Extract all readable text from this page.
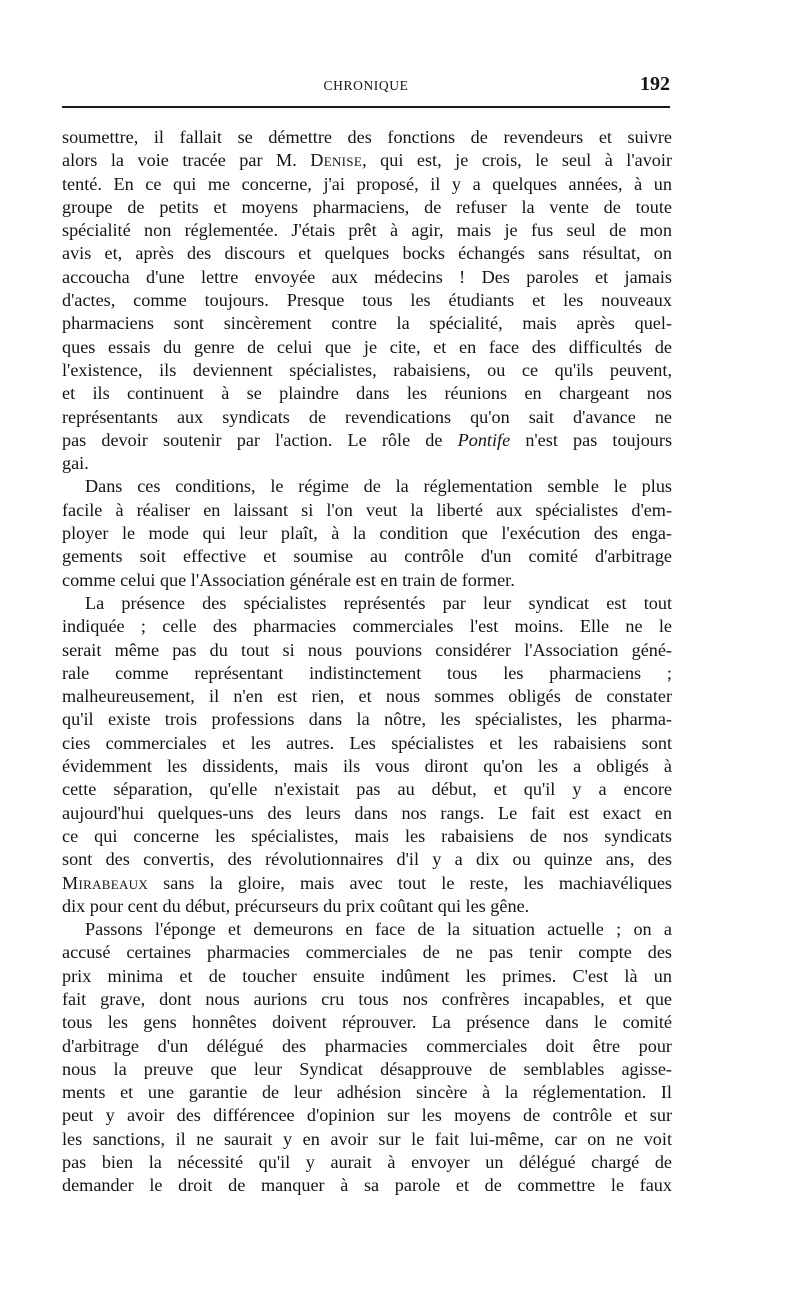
CHRONIQUE	192
soumettre, il fallait se démettre des fonctions de revendeurs et suivre
alors la voie tracée par M. Denise, qui est, je crois, le seul à l'avoir
tenté. En ce qui me concerne, j'ai proposé, il y a quelques années, à un
groupe de petits et moyens pharmaciens, de refuser la vente de toute
spécialité non réglementée. J'étais prêt à agir, mais je fus seul de mon
avis et, après des discours et quelques bocks échangés sans résultat, on
accoucha d'une lettre envoyée aux médecins ! Des paroles et jamais
d'actes, comme toujours. Presque tous les étudiants et les nouveaux
pharmaciens sont sincèrement contre la spécialité, mais après quel-
ques essais du genre de celui que je cite, et en face des difficultés de
l'existence, ils deviennent spécialistes, rabaisiens, ou ce qu'ils peuvent,
et ils continuent à se plaindre dans les réunions en chargeant nos
représentants aux syndicats de revendications qu'on sait d'avance ne
pas devoir soutenir par l'action. Le rôle de Pontife n'est pas toujours
gai.
Dans ces conditions, le régime de la réglementation semble le plus
facile à réaliser en laissant si l'on veut la liberté aux spécialistes d'em-
ployer le mode qui leur plaît, à la condition que l'exécution des enga-
gements soit effective et soumise au contrôle d'un comité d'arbitrage
comme celui que l'Association générale est en train de former.
La présence des spécialistes représentés par leur syndicat est tout
indiquée ; celle des pharmacies commerciales l'est moins. Elle ne le
serait même pas du tout si nous pouvions considérer l'Association géné-
rale comme représentant indistinctement tous les pharmaciens ;
malheureusement, il n'en est rien, et nous sommes obligés de constater
qu'il existe trois professions dans la nôtre, les spécialistes, les pharma-
cies commerciales et les autres. Les spécialistes et les rabaisiens sont
évidemment les dissidents, mais ils vous diront qu'on les a obligés à
cette séparation, qu'elle n'existait pas au début, et qu'il y a encore
aujourd'hui quelques-uns des leurs dans nos rangs. Le fait est exact en
ce qui concerne les spécialistes, mais les rabaisiens de nos syndicats
sont des convertis, des révolutionnaires d'il y a dix ou quinze ans, des
Mirabeaux sans la gloire, mais avec tout le reste, les machiavéliques
dix pour cent du début, précurseurs du prix coûtant qui les gêne.
Passons l'éponge et demeurons en face de la situation actuelle ; on a
accusé certaines pharmacies commerciales de ne pas tenir compte des
prix minima et de toucher ensuite indûment les primes. C'est là un
fait grave, dont nous aurions cru tous nos confrères incapables, et que
tous les gens honnêtes doivent réprouver. La présence dans le comité
d'arbitrage d'un délégué des pharmacies commerciales doit être pour
nous la preuve que leur Syndicat désapprouve de semblables agisse-
ments et une garantie de leur adhésion sincère à la réglementation. Il
peut y avoir des différencee d'opinion sur les moyens de contrôle et sur
les sanctions, il ne saurait y en avoir sur le fait lui-même, car on ne voit
pas bien la nécessité qu'il y aurait à envoyer un délégué chargé de
demander le droit de manquer à sa parole et de commettre le faux
